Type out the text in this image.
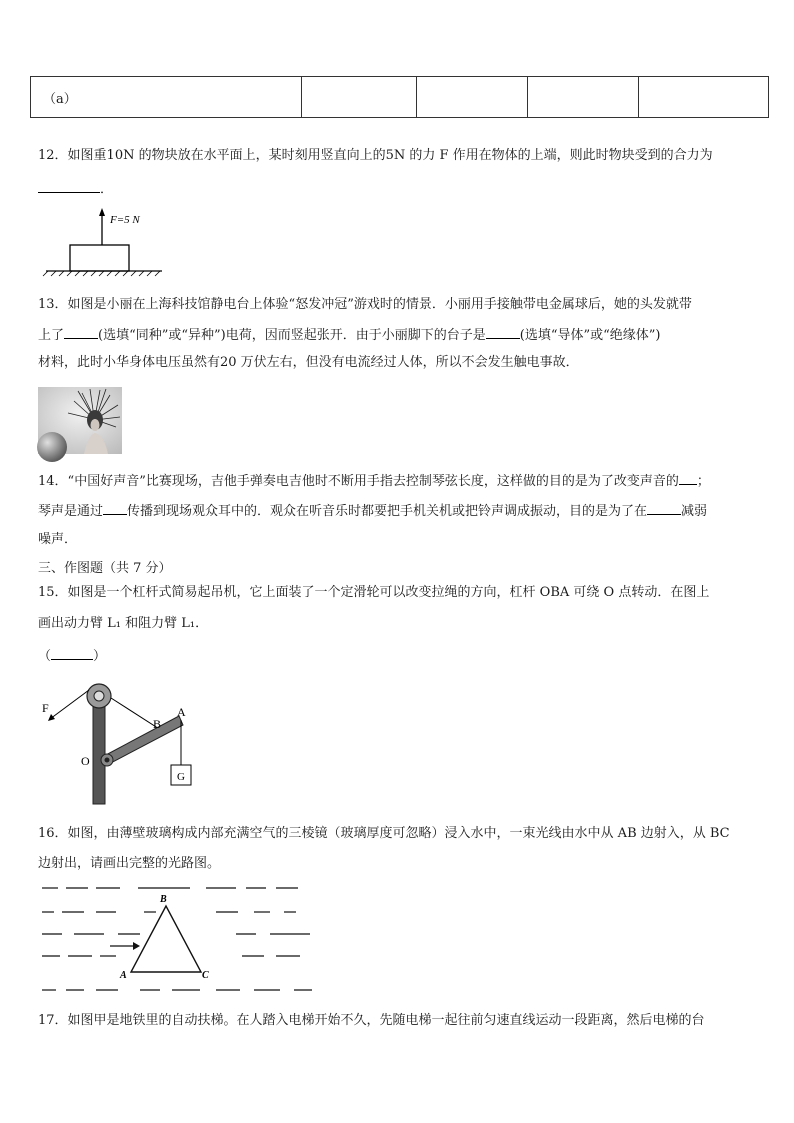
（a）				
12．如图重10N 的物块放在水平面上，某时刻用竖直向上的5N 的力 F 作用在物体的上端，则此时物块受到的合力为
．
F=5 N
13．如图是小丽在上海科技馆静电台上体验“怒发冲冠”游戏时的情景．小丽用手接触带电金属球后，她的头发就带
上了	(选填“同种”或“异种”)电荷，因而竖起张开．由于小丽脚下的台子是	(选填“导体”或“绝缘体”)
材料，此时小华身体电压虽然有20 万伏左右，但没有电流经过人体，所以不会发生触电事故．
14．“中国好声音”比赛现场，吉他手弹奏电吉他时不断用手指去控制琴弦长度，这样做的目的是为了改变声音的 ；
琴声是通过 传播到现场观众耳中的．观众在听音乐时都要把手机关机或把铃声调成振动，目的是为了在	减弱
噪声．
三、作图题（共 7 分）
15．如图是一个杠杆式简易起吊机，它上面装了一个定滑轮可以改变拉绳的方向，杠杆 OBA 可绕 O 点转动．在图上
画出动力臂 L₁ 和阻力臂 L₁．
（	）
F
B
A
O
G
16．如图，由薄壁玻璃构成内部充满空气的三棱镜（玻璃厚度可忽略）浸入水中，一束光线由水中从 AB 边射入，从 BC
边射出，请画出完整的光路图。
B
A	C
17．如图甲是地铁里的自动扶梯。在人踏入电梯开始不久，先随电梯一起往前匀速直线运动一段距离，然后电梯的台
